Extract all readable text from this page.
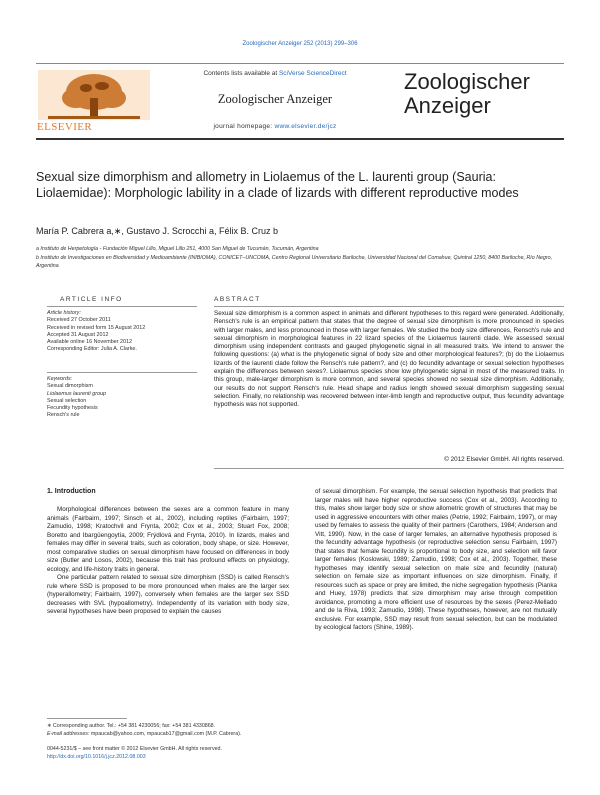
Zoologischer Anzeiger 252 (2013) 299–306
ELSEVIER
Contents lists available at SciVerse ScienceDirect
Zoologischer Anzeiger
journal homepage: www.elsevier.de/jcz
Zoologischer
Anzeiger
Sexual size dimorphism and allometry in Liolaemus of the L. laurenti group (Sauria: Liolaemidae): Morphologic lability in a clade of lizards with different reproductive modes
María P. Cabrera a,∗, Gustavo J. Scrocchi a, Félix B. Cruz b
a Instituto de Herpetología - Fundación Miguel Lillo, Miguel Lillo 251, 4000 San Miguel de Tucumán, Tucumán, Argentina
b Instituto de Investigaciones en Biodiversidad y Medioambiente (INIBIOMA), CONICET–UNCOMA, Centro Regional Universitario Bariloche, Universidad Nacional del Comahue, Quintral 1250, 8400 Bariloche, Río Negro, Argentina
ARTICLE INFO
Article history:
Received 27 October 2011
Received in revised form 15 August 2012
Accepted 31 August 2012
Available online 16 November 2012
Corresponding Editor: Julia A. Clarke.
Keywords:
Sexual dimorphism
Liolaemus laurenti group
Sexual selection
Fecundity hypothesis
Rensch's rule
ABSTRACT
Sexual size dimorphism is a common aspect in animals and different hypotheses to this regard were generated. Additionally, Rensch's rule is an empirical pattern that states that the degree of sexual size dimorphism is more pronounced in species with larger males, and less pronounced in those with larger females. We studied the body size differences, Rensch's rule and sexual dimorphism in morphological features in 22 lizard species of the Liolaemus laurenti clade. We assessed sexual dimorphism using independent contrasts and gauged phylogenetic signal in all measured traits. We intend to answer the following questions: (a) what is the phylogenetic signal of body size and other morphological features?; (b) do the Liolaemus lizards of the laurenti clade follow the Rensch's rule pattern?, and (c) do fecundity advantage or sexual selection hypotheses explain the differences between sexes?. Liolaemus species show low phylogenetic signal in most of the measured traits. In this group, male-larger dimorphism is more common, and several species showed no sexual size dimorphism. Additionally, our results do not support Rensch's rule. Head shape and radius length showed sexual dimorphism suggesting sexual selection. Finally, no relationship was recovered between inter-limb length and reproductive output, thus fecundity advantage hypothesis was not supported.
© 2012 Elsevier GmbH. All rights reserved.
1. Introduction

Morphological differences between the sexes are a common feature in many animals (Fairbairn, 1997; Sinsch et al., 2002), including reptiles (Fairbairn, 1997; Zamudio, 1998; Kratochvil and Frynta, 2002; Cox et al., 2003; Stuart Fox, 2008; Boretto and Ibargüengoytía, 2009; Frýdlová and Frynta, 2010). In lizards, males and females may differ in several traits, such as coloration, body shape, or size. However, most comparative studies on sexual dimorphism have focused on differences in body size (Butler and Losos, 2002), because this trait has profound effects on physiology, ecology, and life-history traits in general.

One particular pattern related to sexual size dimorphism (SSD) is called Rensch's rule where SSD is proposed to be more pronounced when males are the larger sex (hyperallometry; Fairbairn, 1997), conversely when females are the larger sex SSD decreases with SVL (hypoallometry). Independently of its variation with body size, several hypotheses have been proposed to explain the causes

of sexual dimorphism. For example, the sexual selection hypothesis that predicts that larger males will have higher reproductive success (Cox et al., 2003). According to this, males show larger body size or show allometric growth of structures that may be used in aggressive encounters with other males (Petrie, 1992; Fairbairn, 1997), or may used by females to assess the quality of their partners (Carothers, 1984; Anderson and Vitt, 1990). Now, in the case of larger females, an alternative hypothesis proposed is the fecundity advantage hypothesis (or reproductive selection sensu Fairbairn, 1997) that states that female fecundity is proportional to body size, and selection will favor larger females (Koslowski, 1989; Zamudio, 1998; Cox et al., 2003). Together, these hypotheses may identify sexual selection on male size and fecundity (natural) selection on female size as important influences on size dimorphism. Finally, if resources such as space or prey are limited, the niche segregation hypothesis (Pianka and Huey, 1978) predicts that size dimorphism may arise through competition avoidance, promoting a more efficient use of resources by the sexes (Perez-Mellado and de la Riva, 1993; Zamudio, 1998). These hypotheses, however, are not mutually exclusive. For example, SSD may result from sexual selection, but can be modulated by ecological factors (Shine, 1989).

∗ Corresponding author. Tel.: +54 381 4230056; fax: +54 381 4330868.
E-mail addresses: mpaucab@yahoo.com, mpaucab17@gmail.com (M.P. Cabrera).
0044-5231/$ – see front matter © 2012 Elsevier GmbH. All rights reserved.
http://dx.doi.org/10.1016/j.jcz.2012.08.003
